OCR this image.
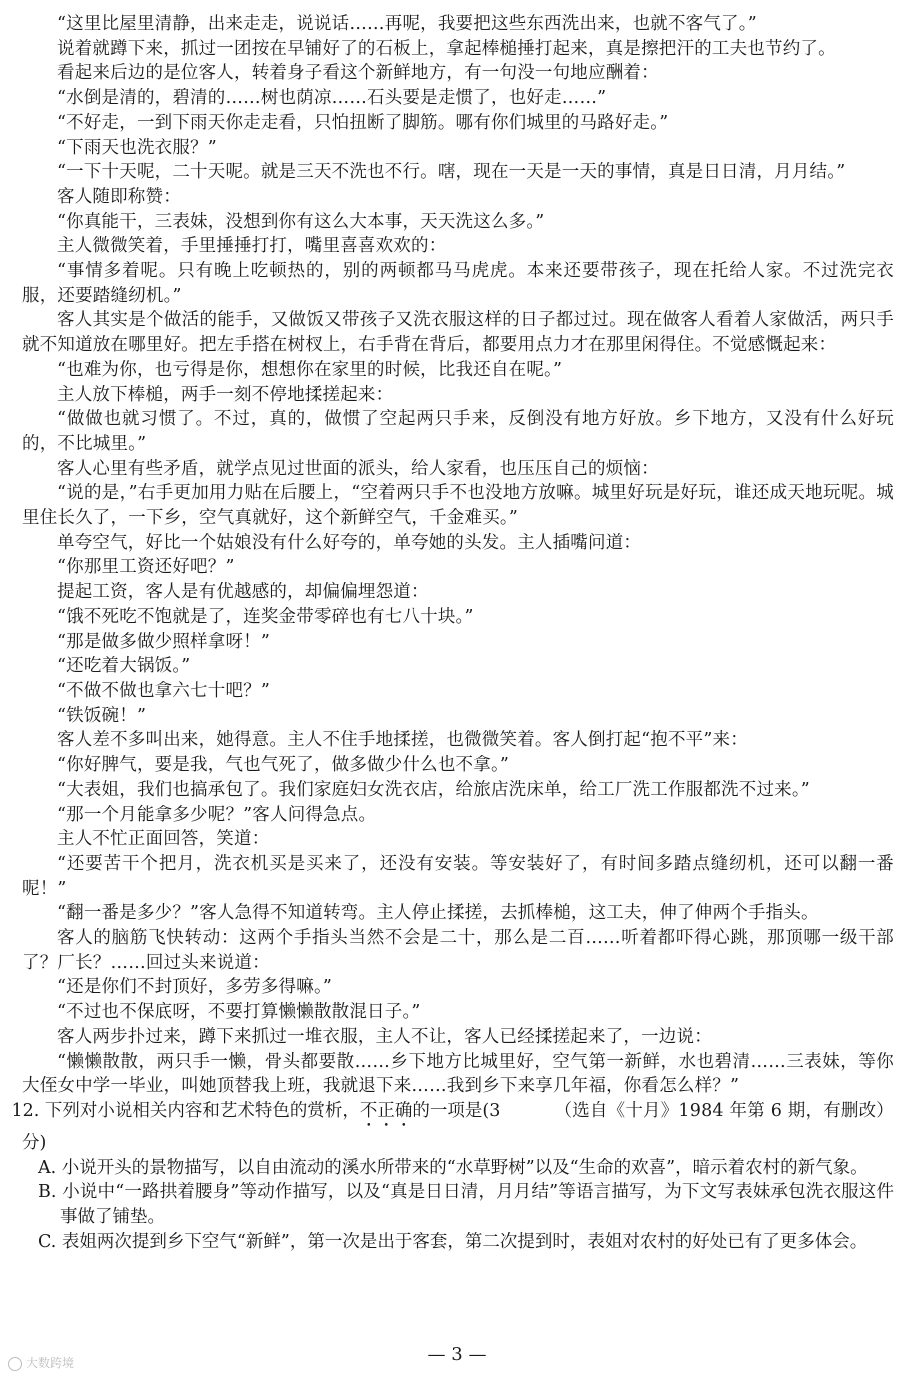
“这里比屋里清静，出来走走，说说话……再呢，我要把这些东西洗出来，也就不客气了。”

说着就蹲下来，抓过一团按在早铺好了的石板上，拿起棒槌捶打起来，真是擦把汗的工夫也节约了。

看起来后边的是位客人，转着身子看这个新鲜地方，有一句没一句地应酬着：

“水倒是清的，碧清的……树也荫凉……石头要是走惯了，也好走……”

“不好走，一到下雨天你走走看，只怕扭断了脚筋。哪有你们城里的马路好走。”

“下雨天也洗衣服？”

“一下十天呢，二十天呢。就是三天不洗也不行。嗐，现在一天是一天的事情，真是日日清，月月结。”

客人随即称赞：

“你真能干，三表妹，没想到你有这么大本事，天天洗这么多。”

主人微微笑着，手里捶捶打打，嘴里喜喜欢欢的：

“事情多着呢。只有晚上吃顿热的，别的两顿都马马虎虎。本来还要带孩子，现在托给人家。不过洗完衣服，还要踏缝纫机。”

客人其实是个做活的能手，又做饭又带孩子又洗衣服这样的日子都过过。现在做客人看着人家做活，两只手就不知道放在哪里好。把左手搭在树杈上，右手背在背后，都要用点力才在那里闲得住。不觉感慨起来：

“也难为你，也亏得是你，想想你在家里的时候，比我还自在呢。”

主人放下棒槌，两手一刻不停地揉搓起来：

“做做也就习惯了。不过，真的，做惯了空起两只手来，反倒没有地方好放。乡下地方，又没有什么好玩的，不比城里。”

客人心里有些矛盾，就学点见过世面的派头，给人家看，也压压自己的烦恼：

“说的是，”右手更加用力贴在后腰上，“空着两只手不也没地方放嘛。城里好玩是好玩，谁还成天地玩呢。城里住长久了，一下乡，空气真就好，这个新鲜空气，千金难买。”

单夸空气，好比一个姑娘没有什么好夸的，单夸她的头发。主人插嘴问道：

“你那里工资还好吧？”

提起工资，客人是有优越感的，却偏偏埋怨道：

“饿不死吃不饱就是了，连奖金带零碎也有七八十块。”

“那是做多做少照样拿呀！”

“还吃着大锅饭。”

“不做不做也拿六七十吧？”

“铁饭碗！”

客人差不多叫出来，她得意。主人不住手地揉搓，也微微笑着。客人倒打起“抱不平”来：

“你好脾气，要是我，气也气死了，做多做少什么也不拿。”

“大表姐，我们也搞承包了。我们家庭妇女洗衣店，给旅店洗床单，给工厂洗工作服都洗不过来。”

“那一个月能拿多少呢？”客人问得急点。

主人不忙正面回答，笑道：

“还要苦干个把月，洗衣机买是买来了，还没有安装。等安装好了，有时间多踏点缝纫机，还可以翻一番呢！”

“翻一番是多少？”客人急得不知道转弯。主人停止揉搓，去抓棒槌，这工夫，伸了伸两个手指头。

客人的脑筋飞快转动：这两个手指头当然不会是二十，那么是二百……听着都吓得心跳，那顶哪一级干部了？厂长？……回过头来说道：

“还是你们不封顶好，多劳多得嘛。”

“不过也不保底呀，不要打算懒懒散散混日子。”

客人两步扑过来，蹲下来抓过一堆衣服，主人不让，客人已经揉搓起来了，一边说：

“懒懒散散，两只手一懒，骨头都要散……乡下地方比城里好，空气第一新鲜，水也碧清……三表妹，等你大侄女中学一毕业，叫她顶替我上班，我就退下来……我到乡下来享几年福，你看怎么样？”
（选自《十月》1984 年第 6 期，有删改）

12. 下列对小说相关内容和艺术特色的赏析，不正确的一项是(3 分)

A. 小说开头的景物描写，以自由流动的溪水所带来的“水草野树”以及“生命的欢喜”，暗示着农村的新气象。

B. 小说中“一路拱着腰身”等动作描写，以及“真是日日清，月月结”等语言描写，为下文写表妹承包洗衣服这件事做了铺垫。

C. 表姐两次提到乡下空气“新鲜”，第一次是出于客套，第二次提到时，表姐对农村的好处已有了更多体会。

— 3 —
大数跨境
